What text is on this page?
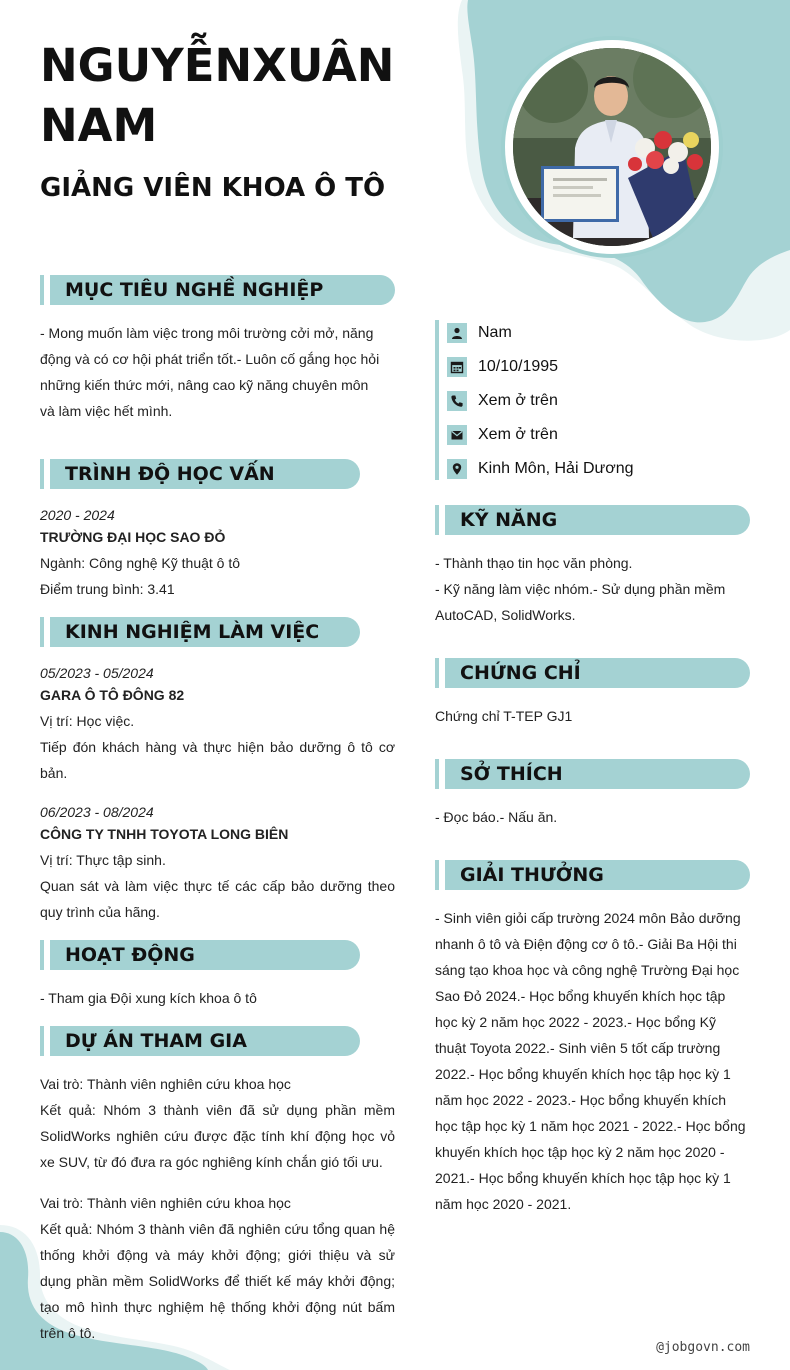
NGUYỄNXUÂN NAM
GIẢNG VIÊN KHOA Ô TÔ
MỤC TIÊU NGHỀ NGHIỆP
- Mong muốn làm việc trong môi trường cởi mở, năng động và có cơ hội phát triển tốt.- Luôn cố gắng học hỏi những kiến thức mới, nâng cao kỹ năng chuyên môn và làm việc hết mình.
TRÌNH ĐỘ HỌC VẤN
2020 - 2024
TRƯỜNG ĐẠI HỌC SAO ĐỎ
Ngành: Công nghệ Kỹ thuật ô tô
Điểm trung bình: 3.41
KINH NGHIỆM LÀM VIỆC
05/2023 - 05/2024
GARA Ô TÔ ĐÔNG 82
Vị trí: Học việc.
Tiếp đón khách hàng và thực hiện bảo dưỡng ô tô cơ bản.
06/2023 - 08/2024
CÔNG TY TNHH TOYOTA LONG BIÊN
Vị trí: Thực tập sinh.
Quan sát và làm việc thực tế các cấp bảo dưỡng theo quy trình của hãng.
HOẠT ĐỘNG
- Tham gia Đội xung kích khoa ô tô
DỰ ÁN THAM GIA
Vai trò: Thành viên nghiên cứu khoa học
Kết quả: Nhóm 3 thành viên đã sử dụng phần mềm SolidWorks nghiên cứu được đặc tính khí động học vỏ xe SUV, từ đó đưa ra góc nghiêng kính chắn gió tối ưu.
Vai trò: Thành viên nghiên cứu khoa học
Kết quả: Nhóm 3 thành viên đã nghiên cứu tổng quan hệ thống khởi động và máy khởi động; giới thiệu và sử dụng phần mềm SolidWorks để thiết kế máy khởi động; tạo mô hình thực nghiệm hệ thống khởi động nút bấm trên ô tô.
Nam
10/10/1995
Xem ở trên
Xem ở trên
Kinh Môn, Hải Dương
KỸ NĂNG
- Thành thạo tin học văn phòng.
- Kỹ năng làm việc nhóm.- Sử dụng phần mềm AutoCAD, SolidWorks.
CHỨNG CHỈ
Chứng chỉ T-TEP GJ1
SỞ THÍCH
- Đọc báo.- Nấu ăn.
GIẢI THƯỞNG
- Sinh viên giỏi cấp trường 2024 môn Bảo dưỡng nhanh ô tô và Điện động cơ ô tô.- Giải Ba Hội thi sáng tạo khoa học và công nghệ Trường Đại học Sao Đỏ 2024.- Học bổng khuyến khích học tập học kỳ 2 năm học 2022 - 2023.- Học bổng Kỹ thuật Toyota 2022.- Sinh viên 5 tốt cấp trường 2022.- Học bổng khuyến khích học tập học kỳ 1 năm học 2022 - 2023.- Học bổng khuyến khích học tập học kỳ 1 năm học 2021 - 2022.- Học bổng khuyến khích học tập học kỳ 2 năm học 2020 - 2021.- Học bổng khuyến khích học tập học kỳ 1 năm học 2020 - 2021.
@jobgovn.com
